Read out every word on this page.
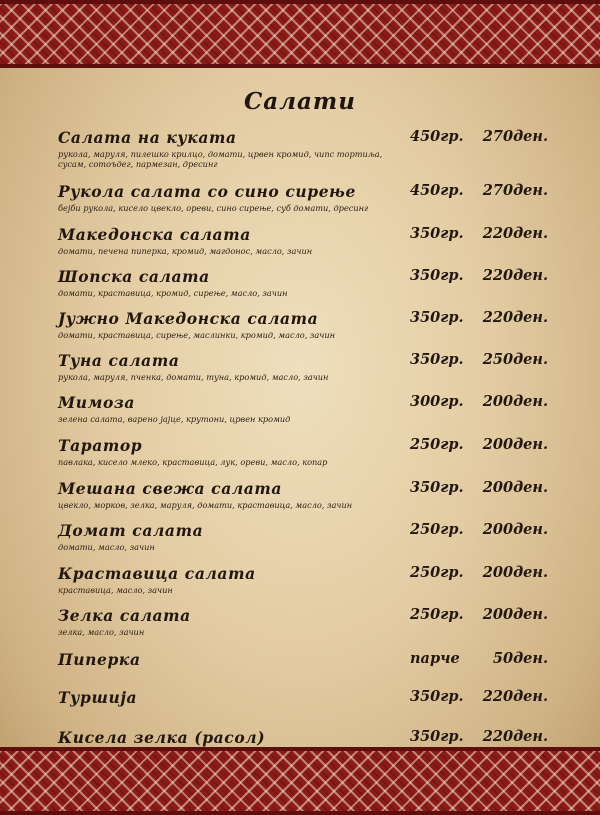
Салати
Салата на куката
рукола, маруля, пилешко крилцо, домати, црвен кромид, чипс тортиља, сусам, сотоъдег, пармезан, дресинг
450гр.	270ден.
Рукола салата со сино сирење
бејби рукола, кисело цвекло, ореви, сино сирење, суб домати, дресинг
450гр.	270ден.
Македонска салата
домати, печена пиперка, кромид, магдонос, масло, зачин
350гр.	220ден.
Шопска салата
домати, краставица, кромид, сирење, масло, зачин
350гр.	220ден.
Јужно Македонска салата
домати, краставица, сирење, маслинки, кромид, масло, зачин
350гр.	220ден.
Туна салата
рукола, маруля, пченка, домати, туна, кромид, масло, зачин
350гр.	250ден.
Мимоза
зелена салата, варено јајце, крутони, црвен кромид
300гр.	200ден.
Таратор
павлака, кисело млеко, краставица, лук, ореви, масло, копар
250гр.	200ден.
Мешана свежа салата
цвекло, морков, зелка, маруля, домати, краставица, масло, зачин
350гр.	200ден.
Домат салата
домати, масло, зачин
250гр.	200ден.
Краставица салата
краставица, масло, зачин
250гр.	200ден.
Зелка салата
зелка, масло, зачин
250гр.	200ден.
Пиперка	парче	50ден.
Туршија	350гр.	220ден.
Кисела зелка (расол)	350гр.	220ден.
